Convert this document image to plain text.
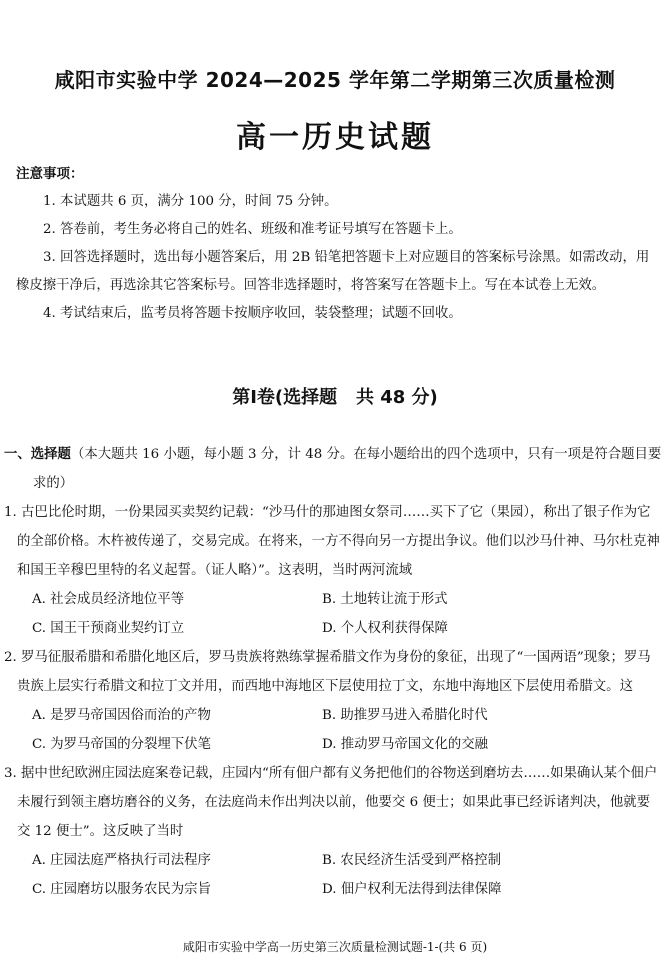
咸阳市实验中学 2024—2025 学年第二学期第三次质量检测
高一历史试题
注意事项：

1. 本试题共 6 页，满分 100 分，时间 75 分钟。

2. 答卷前，考生务必将自己的姓名、班级和准考证号填写在答题卡上。

3. 回答选择题时，选出每小题答案后，用 2B 铅笔把答题卡上对应题目的答案标号涂黑。如需改动，用橡皮擦干净后，再选涂其它答案标号。回答非选择题时，将答案写在答题卡上。写在本试卷上无效。

4. 考试结束后，监考员将答题卡按顺序收回，装袋整理；试题不回收。

第Ⅰ卷(选择题   共 48 分)

一、选择题（本大题共 16 小题，每小题 3 分，计 48 分。在每小题给出的四个选项中，只有一项是符合题目要求的）

1. 古巴比伦时期，一份果园买卖契约记载：“沙马什的那迪图女祭司……买下了它（果园），称出了银子作为它的全部价格。木杵被传递了，交易完成。在将来，一方不得向另一方提出争议。他们以沙马什神、马尔杜克神和国王辛穆巴里特的名义起誓。（证人略）”。这表明，当时两河流域

A. 社会成员经济地位平等	B. 土地转让流于形式
C. 国王干预商业契约订立	D. 个人权利获得保障

2. 罗马征服希腊和希腊化地区后，罗马贵族将熟练掌握希腊文作为身份的象征，出现了“一国两语”现象；罗马贵族上层实行希腊文和拉丁文并用，而西地中海地区下层使用拉丁文，东地中海地区下层使用希腊文。这

A. 是罗马帝国因俗而治的产物	B. 助推罗马进入希腊化时代
C. 为罗马帝国的分裂埋下伏笔	D. 推动罗马帝国文化的交融

3. 据中世纪欧洲庄园法庭案卷记载，庄园内“所有佃户都有义务把他们的谷物送到磨坊去……如果确认某个佃户未履行到领主磨坊磨谷的义务，在法庭尚未作出判决以前，他要交 6 便士；如果此事已经诉诸判决，他就要交 12 便士”。这反映了当时

A. 庄园法庭严格执行司法程序	B. 农民经济生活受到严格控制
C. 庄园磨坊以服务农民为宗旨	D. 佃户权利无法得到法律保障
咸阳市实验中学高一历史第三次质量检测试题-1-(共 6 页)
